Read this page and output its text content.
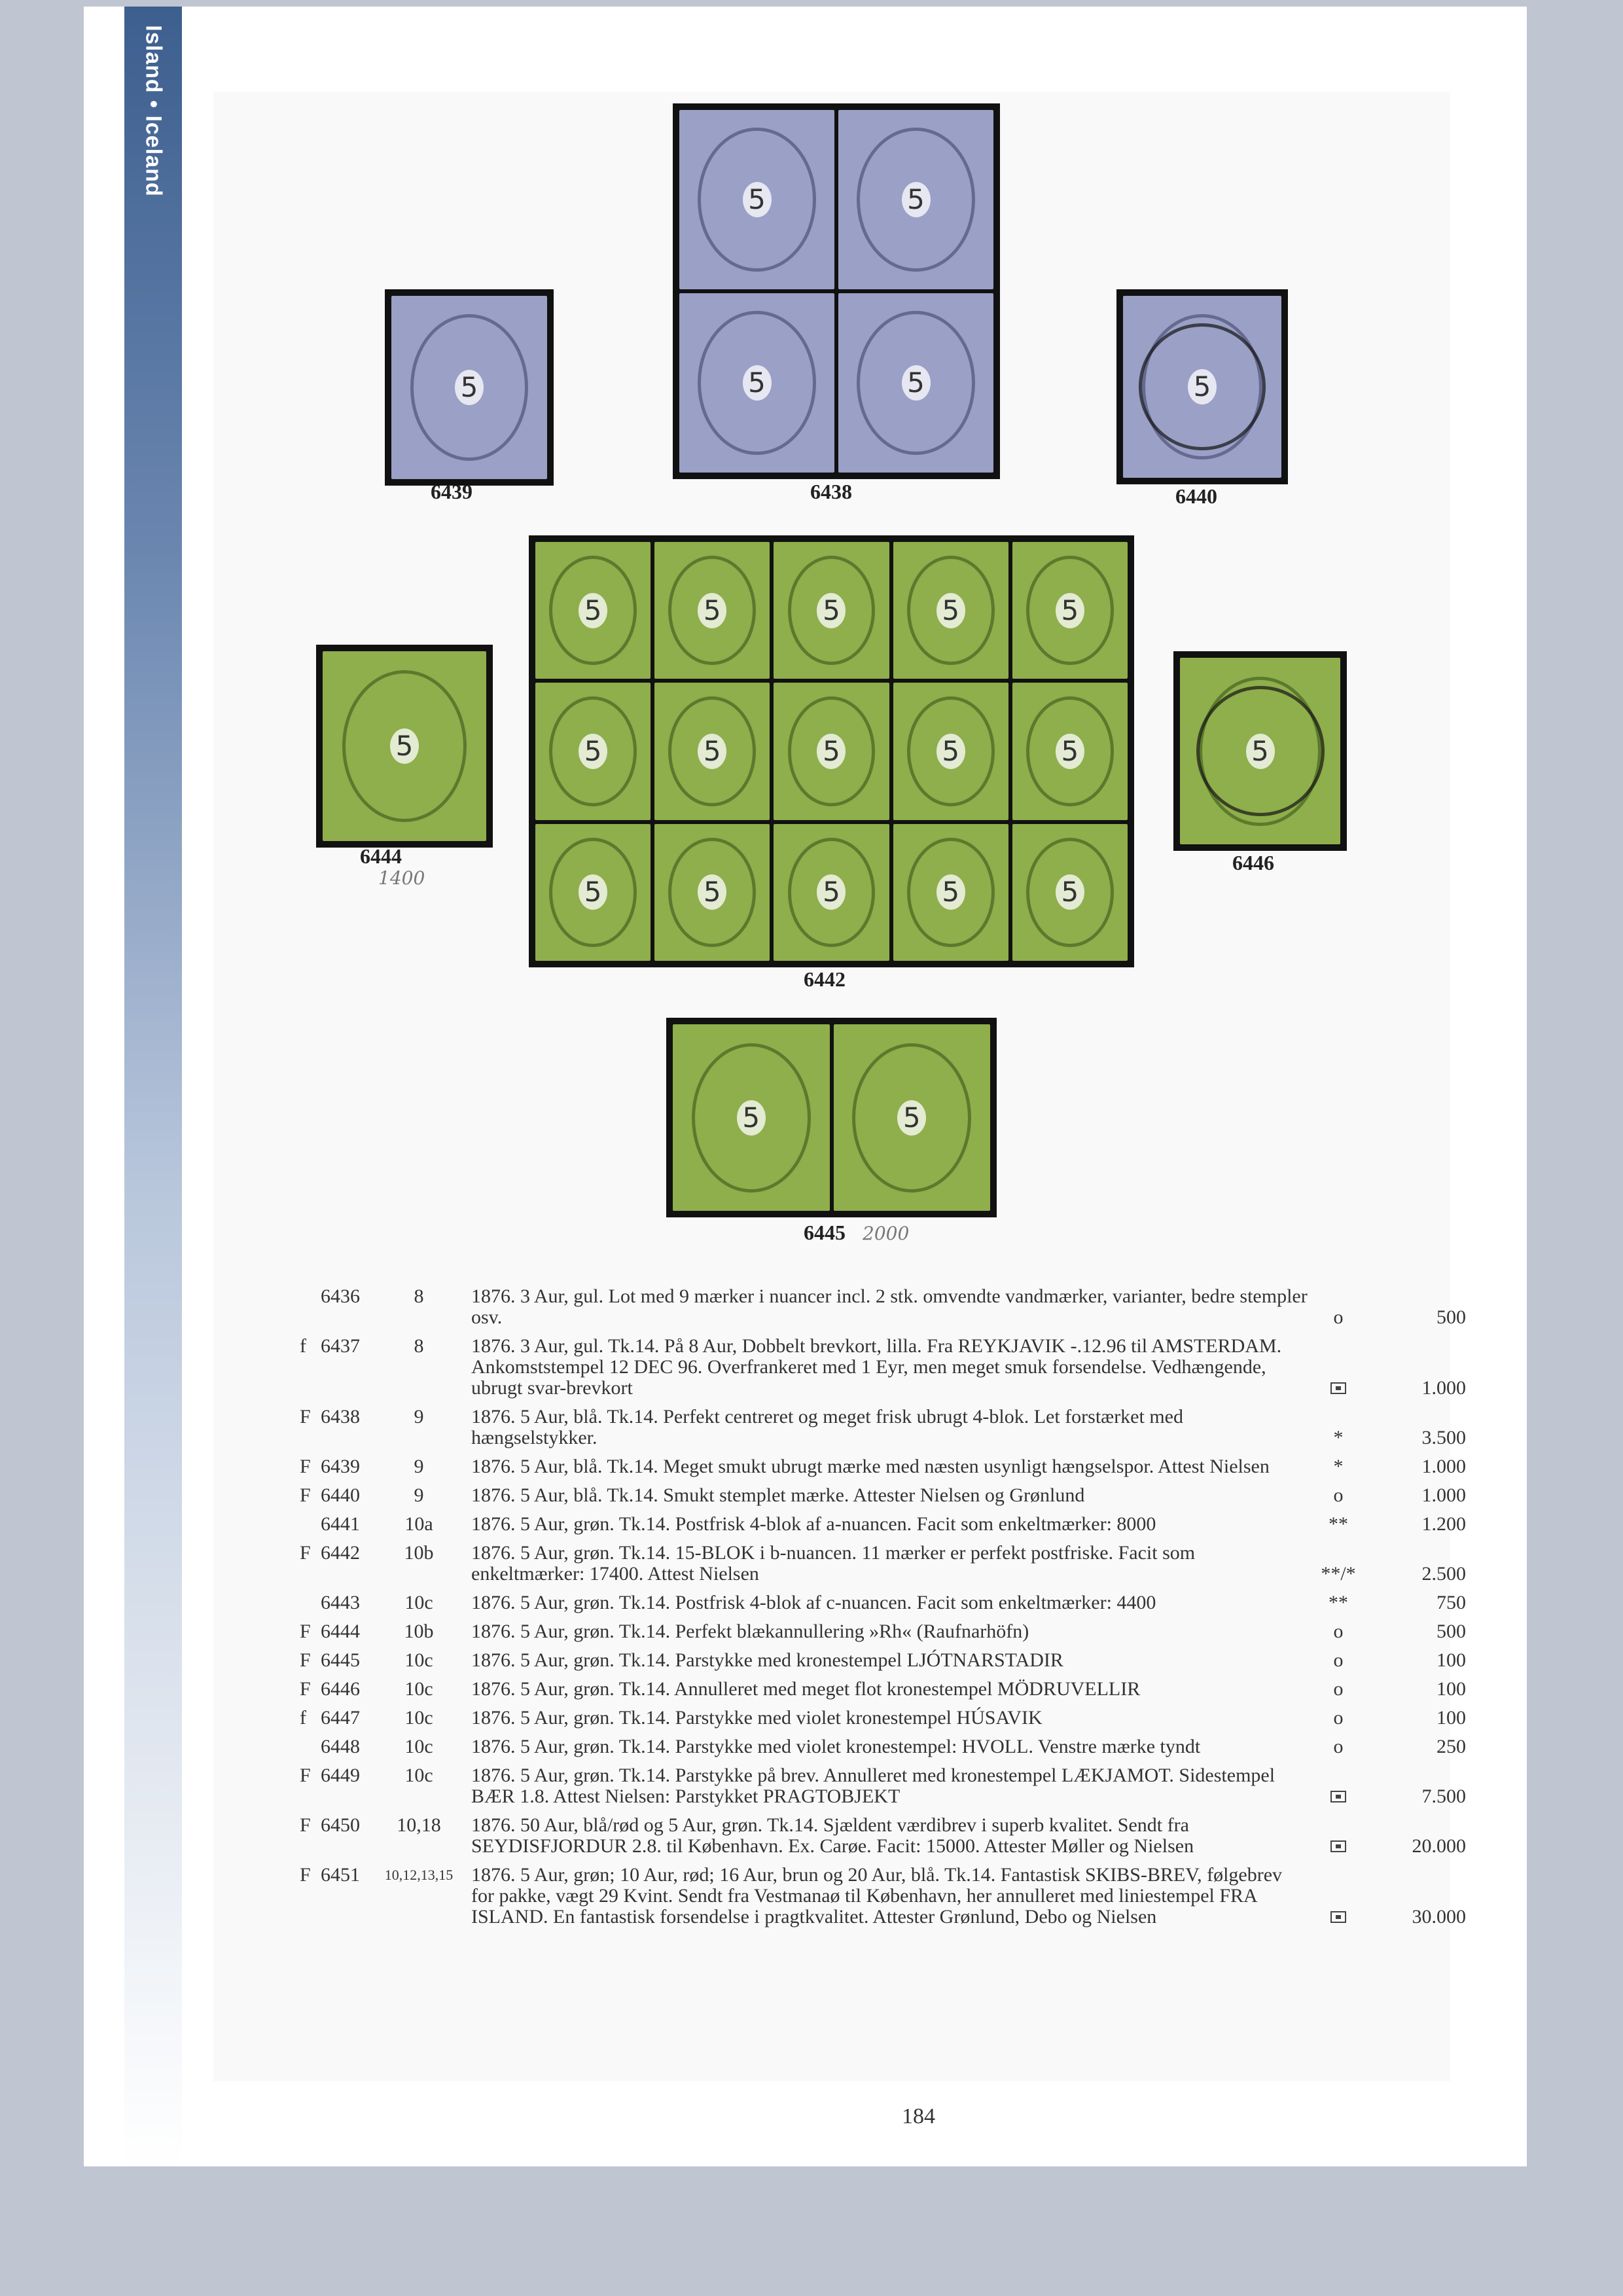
Island • Iceland
5
6439
5	5
5	5
6438
5
6440
5
6444
1400
5	5	5	5	5
5	5	5	5	5
5	5	5	5	5
6442
5
6446
5	5
6445 2000
	6436	8	1876. 3 Aur, gul. Lot med 9 mærker i nuancer incl. 2 stk. omvendte vandmærker, varianter, bedre stempler osv.	o	500
f	6437	8	1876. 3 Aur, gul. Tk.14. På 8 Aur, Dobbelt brevkort, lilla. Fra REYKJAVIK -.12.96 til AMSTERDAM. Ankomststempel 12 DEC 96. Overfrankeret med 1 Eyr, men meget smuk forsendelse. Vedhængende, ubrugt svar-brevkort		1.000
F	6438	9	1876. 5 Aur, blå. Tk.14. Perfekt centreret og meget frisk ubrugt 4-blok. Let forstærket med hængselstykker.	*	3.500
F	6439	9	1876. 5 Aur, blå. Tk.14. Meget smukt ubrugt mærke med næsten usynligt hængselspor. Attest Nielsen	*	1.000
F	6440	9	1876. 5 Aur, blå. Tk.14. Smukt stemplet mærke. Attester Nielsen og Grønlund	o	1.000
	6441	10a	1876. 5 Aur, grøn. Tk.14. Postfrisk 4-blok af a-nuancen. Facit som enkeltmærker: 8000	**	1.200
F	6442	10b	1876. 5 Aur, grøn. Tk.14. 15-BLOK i b-nuancen. 11 mærker er perfekt postfriske. Facit som enkeltmærker: 17400. Attest Nielsen	**/*	2.500
	6443	10c	1876. 5 Aur, grøn. Tk.14. Postfrisk 4-blok af c-nuancen. Facit som enkeltmærker: 4400	**	750
F	6444	10b	1876. 5 Aur, grøn. Tk.14. Perfekt blækannullering »Rh« (Raufnarhöfn)	o	500
F	6445	10c	1876. 5 Aur, grøn. Tk.14. Parstykke med kronestempel LJÓTNARSTADIR	o	100
F	6446	10c	1876. 5 Aur, grøn. Tk.14. Annulleret med meget flot kronestempel MÖDRUVELLIR	o	100
f	6447	10c	1876. 5 Aur, grøn. Tk.14. Parstykke med violet kronestempel HÚSAVIK	o	100
	6448	10c	1876. 5 Aur, grøn. Tk.14. Parstykke med violet kronestempel: HVOLL. Venstre mærke tyndt	o	250
F	6449	10c	1876. 5 Aur, grøn. Tk.14. Parstykke på brev. Annulleret med kronestempel LÆKJAMOT. Sidestempel BÆR 1.8. Attest Nielsen: Parstykket PRAGTOBJEKT		7.500
F	6450	10,18	1876. 50 Aur, blå/rød og 5 Aur, grøn. Tk.14. Sjældent værdibrev i superb kvalitet. Sendt fra SEYDISFJORDUR 2.8. til København. Ex. Carøe. Facit: 15000. Attester Møller og Nielsen		20.000
F	6451	10,12,13,15	1876. 5 Aur, grøn; 10 Aur, rød; 16 Aur, brun og 20 Aur, blå. Tk.14. Fantastisk SKIBS-BREV, følgebrev for pakke, vægt 29 Kvint. Sendt fra Vestmanaø til København, her annulleret med liniestempel FRA ISLAND. En fantastisk forsendelse i pragtkvalitet. Attester Grønlund, Debo og Nielsen		30.000
184
